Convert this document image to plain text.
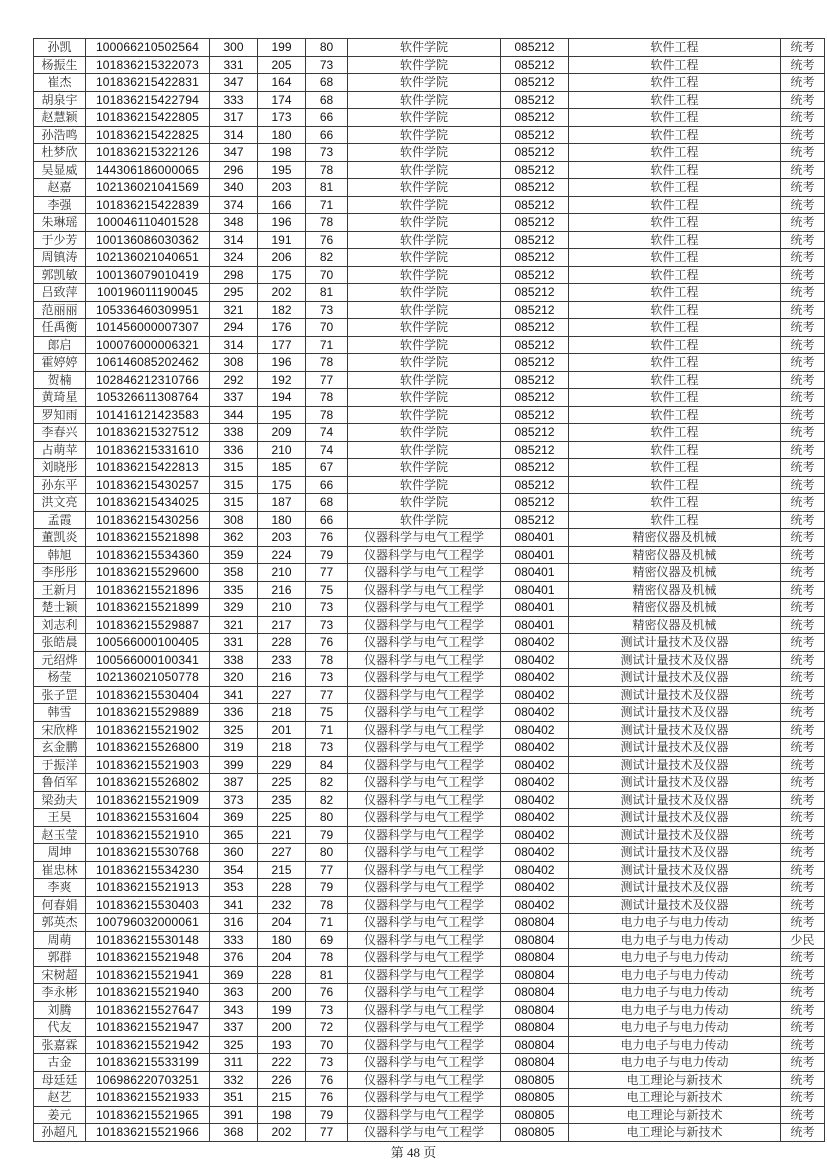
孙凯	100066210502564	300	199	80	软件学院	085212	软件工程	统考
杨振生	101836215322073	331	205	73	软件学院	085212	软件工程	统考
崔杰	101836215422831	347	164	68	软件学院	085212	软件工程	统考
胡泉宇	101836215422794	333	174	68	软件学院	085212	软件工程	统考
赵慧颖	101836215422805	317	173	66	软件学院	085212	软件工程	统考
孙浩鸣	101836215422825	314	180	66	软件学院	085212	软件工程	统考
杜梦欣	101836215322126	347	198	73	软件学院	085212	软件工程	统考
吴显威	144306186000065	296	195	78	软件学院	085212	软件工程	统考
赵嘉	102136021041569	340	203	81	软件学院	085212	软件工程	统考
李强	101836215422839	374	166	71	软件学院	085212	软件工程	统考
朱琳瑶	100046110401528	348	196	78	软件学院	085212	软件工程	统考
于少芳	100136086030362	314	191	76	软件学院	085212	软件工程	统考
周镇涛	102136021040651	324	206	82	软件学院	085212	软件工程	统考
郭凯敏	100136079010419	298	175	70	软件学院	085212	软件工程	统考
吕致萍	100196011190045	295	202	81	软件学院	085212	软件工程	统考
范丽丽	105336460309951	321	182	73	软件学院	085212	软件工程	统考
任禹衡	101456000007307	294	176	70	软件学院	085212	软件工程	统考
郎启	100076000006321	314	177	71	软件学院	085212	软件工程	统考
霍婷婷	106146085202462	308	196	78	软件学院	085212	软件工程	统考
贺楠	102846212310766	292	192	77	软件学院	085212	软件工程	统考
黄琦星	105326611308764	337	194	78	软件学院	085212	软件工程	统考
罗知雨	101416121423583	344	195	78	软件学院	085212	软件工程	统考
李春兴	101836215327512	338	209	74	软件学院	085212	软件工程	统考
占萌苹	101836215331610	336	210	74	软件学院	085212	软件工程	统考
刘晓彤	101836215422813	315	185	67	软件学院	085212	软件工程	统考
孙东平	101836215430257	315	175	66	软件学院	085212	软件工程	统考
洪文亮	101836215434025	315	187	68	软件学院	085212	软件工程	统考
孟霞	101836215430256	308	180	66	软件学院	085212	软件工程	统考
董凯炎	101836215521898	362	203	76	仪器科学与电气工程学	080401	精密仪器及机械	统考
韩旭	101836215534360	359	224	79	仪器科学与电气工程学	080401	精密仪器及机械	统考
李彤彤	101836215529600	358	210	77	仪器科学与电气工程学	080401	精密仪器及机械	统考
王新月	101836215521896	335	216	75	仪器科学与电气工程学	080401	精密仪器及机械	统考
楚士颖	101836215521899	329	210	73	仪器科学与电气工程学	080401	精密仪器及机械	统考
刘志利	101836215529887	321	217	73	仪器科学与电气工程学	080401	精密仪器及机械	统考
张皓晨	100566000100405	331	228	76	仪器科学与电气工程学	080402	测试计量技术及仪器	统考
元绍烨	100566000100341	338	233	78	仪器科学与电气工程学	080402	测试计量技术及仪器	统考
杨莹	102136021050778	320	216	73	仪器科学与电气工程学	080402	测试计量技术及仪器	统考
张子罡	101836215530404	341	227	77	仪器科学与电气工程学	080402	测试计量技术及仪器	统考
韩雪	101836215529889	336	218	75	仪器科学与电气工程学	080402	测试计量技术及仪器	统考
宋欣桦	101836215521902	325	201	71	仪器科学与电气工程学	080402	测试计量技术及仪器	统考
玄金鹏	101836215526800	319	218	73	仪器科学与电气工程学	080402	测试计量技术及仪器	统考
于振洋	101836215521903	399	229	84	仪器科学与电气工程学	080402	测试计量技术及仪器	统考
鲁佰军	101836215526802	387	225	82	仪器科学与电气工程学	080402	测试计量技术及仪器	统考
梁劲夫	101836215521909	373	235	82	仪器科学与电气工程学	080402	测试计量技术及仪器	统考
王昊	101836215531604	369	225	80	仪器科学与电气工程学	080402	测试计量技术及仪器	统考
赵玉莹	101836215521910	365	221	79	仪器科学与电气工程学	080402	测试计量技术及仪器	统考
周坤	101836215530768	360	227	80	仪器科学与电气工程学	080402	测试计量技术及仪器	统考
崔忠林	101836215534230	354	215	77	仪器科学与电气工程学	080402	测试计量技术及仪器	统考
李爽	101836215521913	353	228	79	仪器科学与电气工程学	080402	测试计量技术及仪器	统考
何春娟	101836215530403	341	232	78	仪器科学与电气工程学	080402	测试计量技术及仪器	统考
郭英杰	100796032000061	316	204	71	仪器科学与电气工程学	080804	电力电子与电力传动	统考
周萌	101836215530148	333	180	69	仪器科学与电气工程学	080804	电力电子与电力传动	少民
郭群	101836215521948	376	204	78	仪器科学与电气工程学	080804	电力电子与电力传动	统考
宋树超	101836215521941	369	228	81	仪器科学与电气工程学	080804	电力电子与电力传动	统考
李永彬	101836215521940	363	200	76	仪器科学与电气工程学	080804	电力电子与电力传动	统考
刘腾	101836215527647	343	199	73	仪器科学与电气工程学	080804	电力电子与电力传动	统考
代友	101836215521947	337	200	72	仪器科学与电气工程学	080804	电力电子与电力传动	统考
张嘉霖	101836215521942	325	193	70	仪器科学与电气工程学	080804	电力电子与电力传动	统考
古金	101836215533199	311	222	73	仪器科学与电气工程学	080804	电力电子与电力传动	统考
母廷廷	106986220703251	332	226	76	仪器科学与电气工程学	080805	电工理论与新技术	统考
赵艺	101836215521933	351	215	76	仪器科学与电气工程学	080805	电工理论与新技术	统考
姜元	101836215521965	391	198	79	仪器科学与电气工程学	080805	电工理论与新技术	统考
孙超凡	101836215521966	368	202	77	仪器科学与电气工程学	080805	电工理论与新技术	统考
第 48 页
